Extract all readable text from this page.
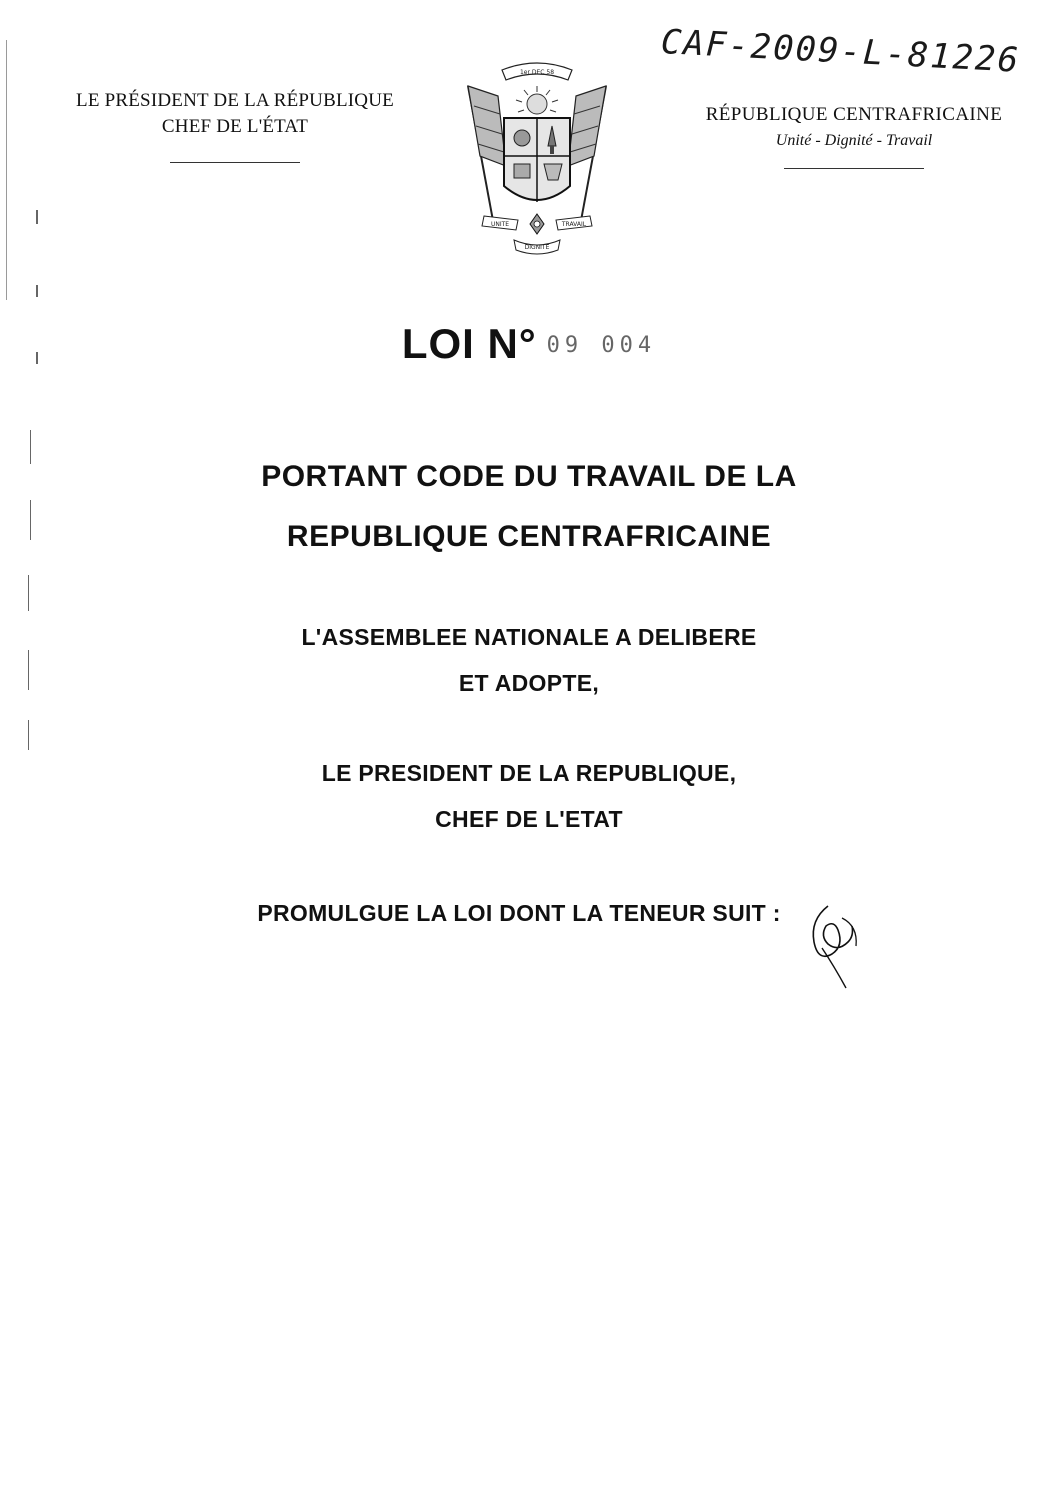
CAF-2009-L-81226
LE PRÉSIDENT DE LA RÉPUBLIQUE
CHEF DE L'ÉTAT
1er DEC 58
UNITE	TRAVAIL
DIGNITE
RÉPUBLIQUE CENTRAFRICAINE
Unité - Dignité - Travail
LOI N° 09 004
PORTANT CODE DU TRAVAIL DE LA
REPUBLIQUE CENTRAFRICAINE
L'ASSEMBLEE NATIONALE A DELIBERE
ET ADOPTE,
LE PRESIDENT DE LA REPUBLIQUE,
CHEF DE L'ETAT
PROMULGUE LA LOI DONT LA TENEUR SUIT :
